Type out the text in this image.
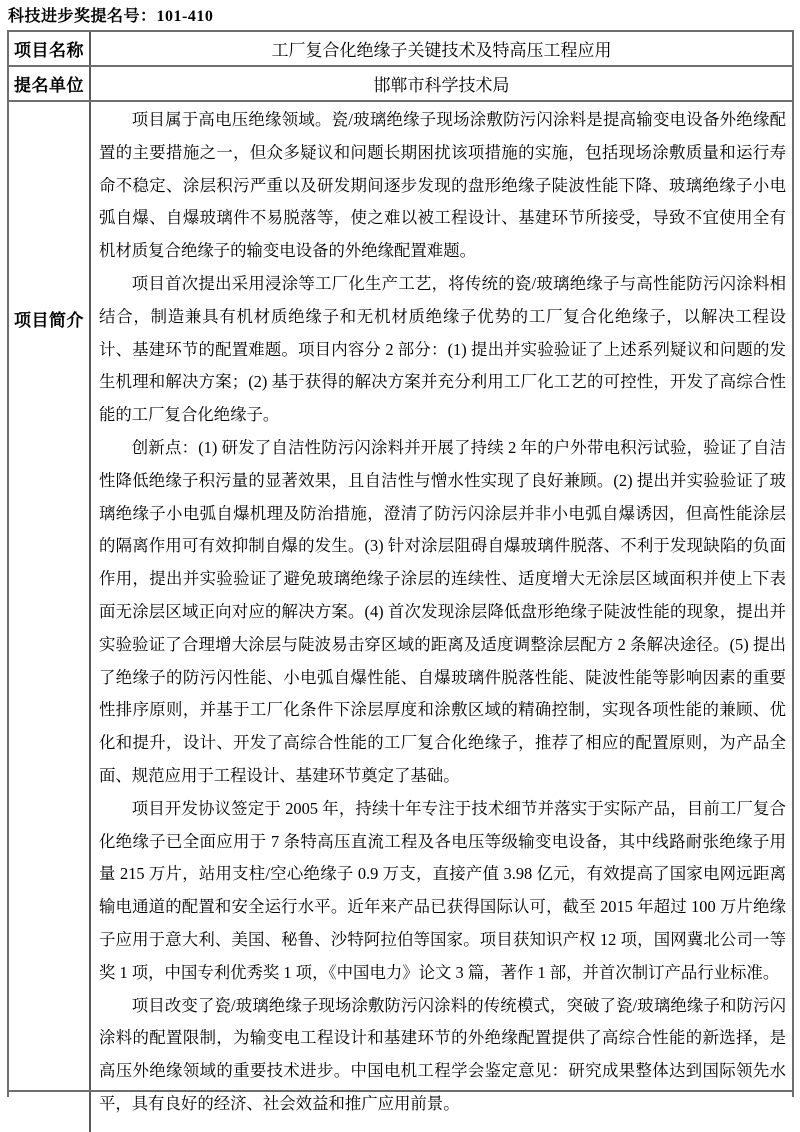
科技进步奖提名号：101-410
项目名称	工厂复合化绝缘子关键技术及特高压工程应用
提名单位	邯郸市科学技术局
项目简介

项目属于高电压绝缘领域。瓷/玻璃绝缘子现场涂敷防污闪涂料是提高输变电设备外绝缘配置的主要措施之一，但众多疑议和问题长期困扰该项措施的实施，包括现场涂敷质量和运行寿命不稳定、涂层积污严重以及研发期间逐步发现的盘形绝缘子陡波性能下降、玻璃绝缘子小电弧自爆、自爆玻璃件不易脱落等，使之难以被工程设计、基建环节所接受，导致不宜使用全有机材质复合绝缘子的输变电设备的外绝缘配置难题。

项目首次提出采用浸涂等工厂化生产工艺，将传统的瓷/玻璃绝缘子与高性能防污闪涂料相结合，制造兼具有机材质绝缘子和无机材质绝缘子优势的工厂复合化绝缘子，以解决工程设计、基建环节的配置难题。项目内容分 2 部分：(1) 提出并实验验证了上述系列疑议和问题的发生机理和解决方案；(2) 基于获得的解决方案并充分利用工厂化工艺的可控性，开发了高综合性能的工厂复合化绝缘子。

创新点：(1) 研发了自洁性防污闪涂料并开展了持续 2 年的户外带电积污试验，验证了自洁性降低绝缘子积污量的显著效果，且自洁性与憎水性实现了良好兼顾。(2) 提出并实验验证了玻璃绝缘子小电弧自爆机理及防治措施，澄清了防污闪涂层并非小电弧自爆诱因，但高性能涂层的隔离作用可有效抑制自爆的发生。(3) 针对涂层阻碍自爆玻璃件脱落、不利于发现缺陷的负面作用，提出并实验验证了避免玻璃绝缘子涂层的连续性、适度增大无涂层区域面积并使上下表面无涂层区域正向对应的解决方案。(4) 首次发现涂层降低盘形绝缘子陡波性能的现象，提出并实验验证了合理增大涂层与陡波易击穿区域的距离及适度调整涂层配方 2 条解决途径。(5) 提出了绝缘子的防污闪性能、小电弧自爆性能、自爆玻璃件脱落性能、陡波性能等影响因素的重要性排序原则，并基于工厂化条件下涂层厚度和涂敷区域的精确控制，实现各项性能的兼顾、优化和提升，设计、开发了高综合性能的工厂复合化绝缘子，推荐了相应的配置原则，为产品全面、规范应用于工程设计、基建环节奠定了基础。

项目开发协议签定于 2005 年，持续十年专注于技术细节并落实于实际产品，目前工厂复合化绝缘子已全面应用于 7 条特高压直流工程及各电压等级输变电设备，其中线路耐张绝缘子用量 215 万片，站用支柱/空心绝缘子 0.9 万支，直接产值 3.98 亿元，有效提高了国家电网远距离输电通道的配置和安全运行水平。近年来产品已获得国际认可，截至 2015 年超过 100 万片绝缘子应用于意大利、美国、秘鲁、沙特阿拉伯等国家。项目获知识产权 12 项，国网冀北公司一等奖 1 项，中国专利优秀奖 1 项，《中国电力》论文 3 篇，著作 1 部，并首次制订产品行业标准。

项目改变了瓷/玻璃绝缘子现场涂敷防污闪涂料的传统模式，突破了瓷/玻璃绝缘子和防污闪涂料的配置限制，为输变电工程设计和基建环节的外绝缘配置提供了高综合性能的新选择，是高压外绝缘领域的重要技术进步。中国电机工程学会鉴定意见：研究成果整体达到国际领先水平，具有良好的经济、社会效益和推广应用前景。
